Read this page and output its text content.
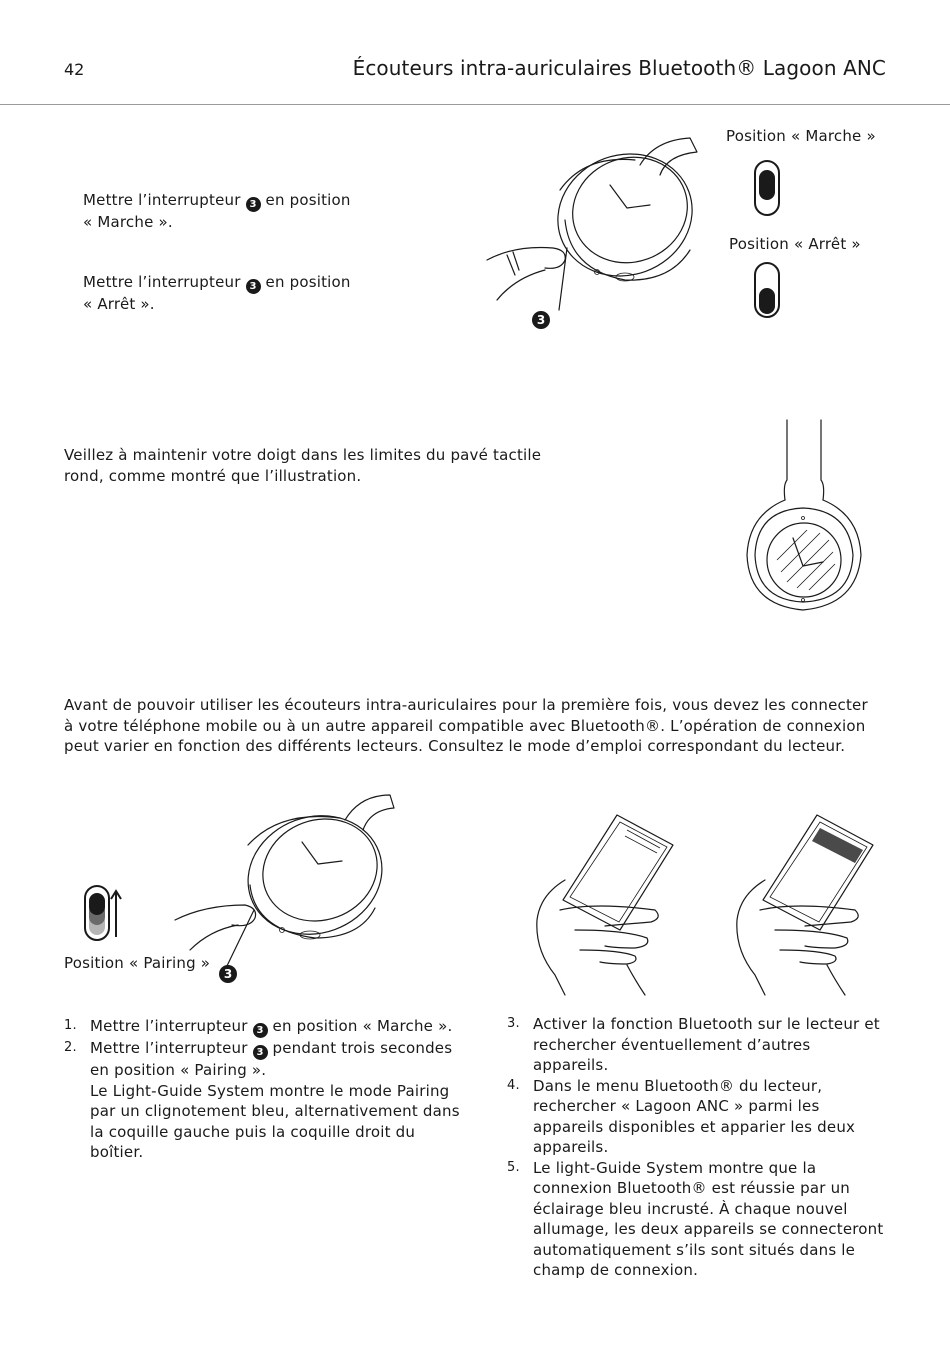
42	Écouteurs intra-auriculaires Bluetooth® Lagoon ANC
Mettre l’interrupteur 3 en position
« Marche ».
Mettre l’interrupteur 3 en position
« Arrêt ».
3
Position « Marche »
Position « Arrêt »
Veillez à maintenir votre doigt dans les limites du pavé tactile rond, comme montré que l’illustration.
Avant de pouvoir utiliser les écouteurs intra-auriculaires pour la première fois, vous devez les connecter à votre téléphone mobile ou à un autre appareil compatible avec Bluetooth®. L’opération de connexion peut varier en fonction des différents lecteurs. Consultez le mode d’emploi correspondant du lecteur.
Position « Pairing »
3
1. Mettre l’interrupteur 3 en position « Marche ».
2. Mettre l’interrupteur 3 pendant trois secondes en position « Pairing ».
Le Light-Guide System montre le mode Pairing par un clignotement bleu, alternativement dans la coquille gauche puis la coquille droit du boîtier.
3. Activer la fonction Bluetooth sur le lecteur et rechercher éventuellement d’autres appareils.
4. Dans le menu Bluetooth® du lecteur, rechercher « Lagoon ANC » parmi les appareils disponibles et apparier les deux appareils.
5. Le light-Guide System montre que la connexion Bluetooth® est réussie par un éclairage bleu incrusté. À chaque nouvel allumage, les deux appareils se connecteront automatiquement s’ils sont situés dans le champ de connexion.
